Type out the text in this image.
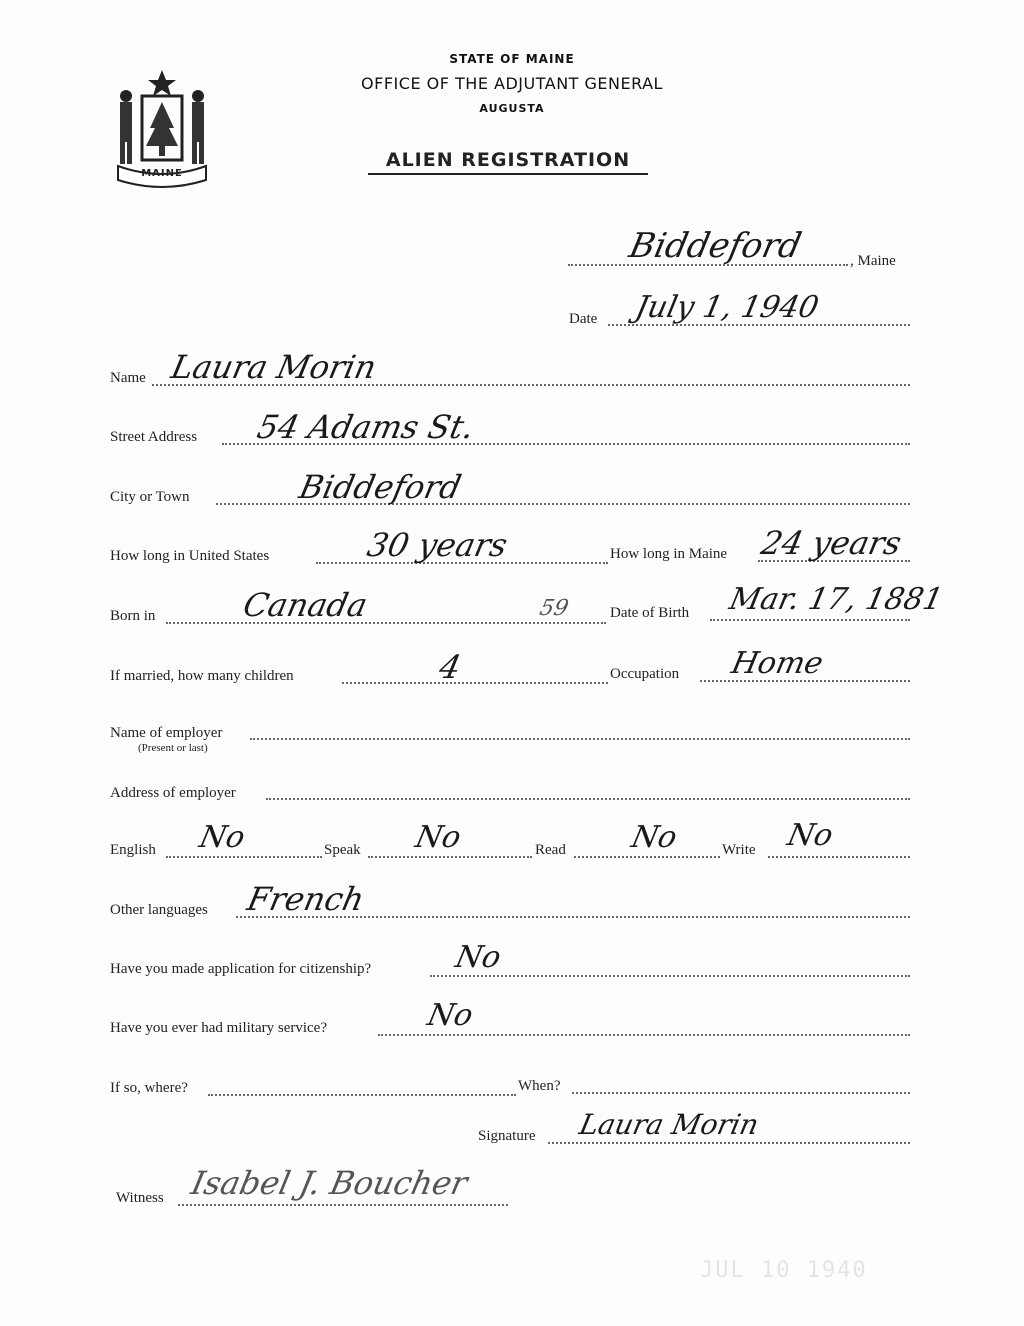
MAINE
STATE OF MAINE
OFFICE OF THE ADJUTANT GENERAL
AUGUSTA
ALIEN REGISTRATION
Biddeford	, Maine
Date July 1, 1940
Name Laura Morin
Street Address 54 Adams St.
City or Town	Biddeford
How long in United States	30 years	How long in Maine 24 years
Born in	Canada	59	Date of Birth Mar. 17, 1881
If married, how many children	4	Occupation Home
Name of employer
(Present or last)
Address of employer
English No	Speak No	Read No	Write No
Other languages French
Have you made application for citizenship?	No
Have you ever had military service?	No
If so, where?	When?
Signature Laura Morin
Witness Isabel J. Boucher
JUL 10 1940
